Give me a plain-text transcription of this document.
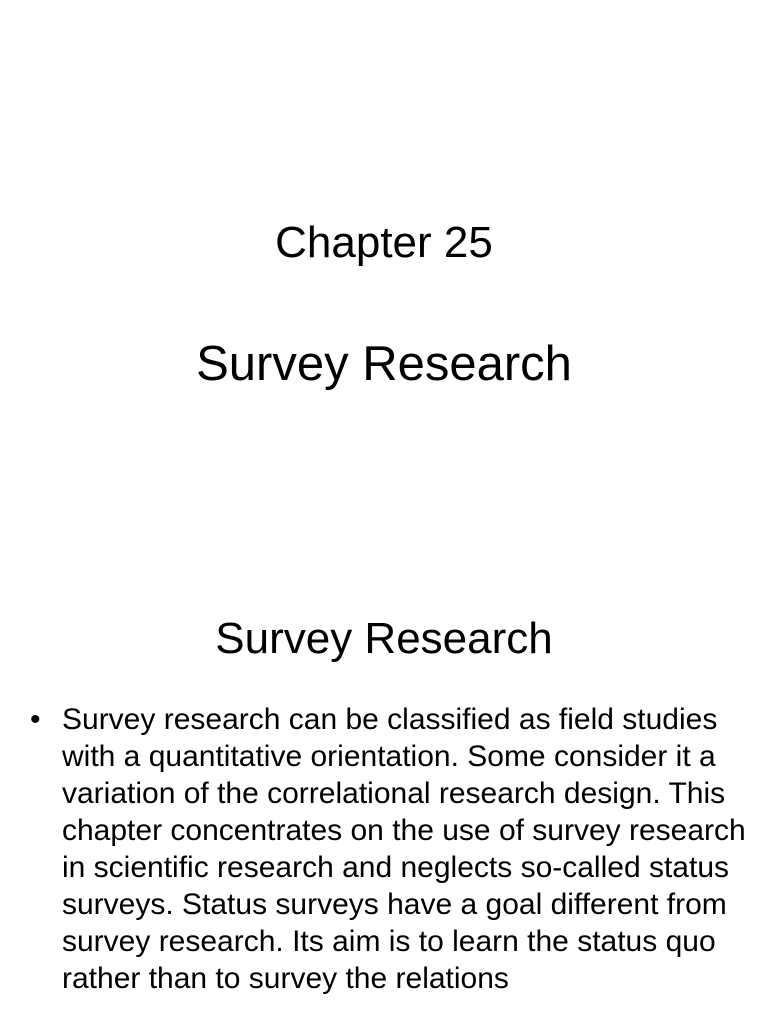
Chapter 25
Survey Research
Survey Research
• Survey research can be classified as field studies with a quantitative orientation. Some consider it a variation of the correlational research design. This chapter concentrates on the use of survey research in scientific research and neglects so-called status surveys. Status surveys have a goal different from survey research. Its aim is to learn the status quo rather than to survey the relations
